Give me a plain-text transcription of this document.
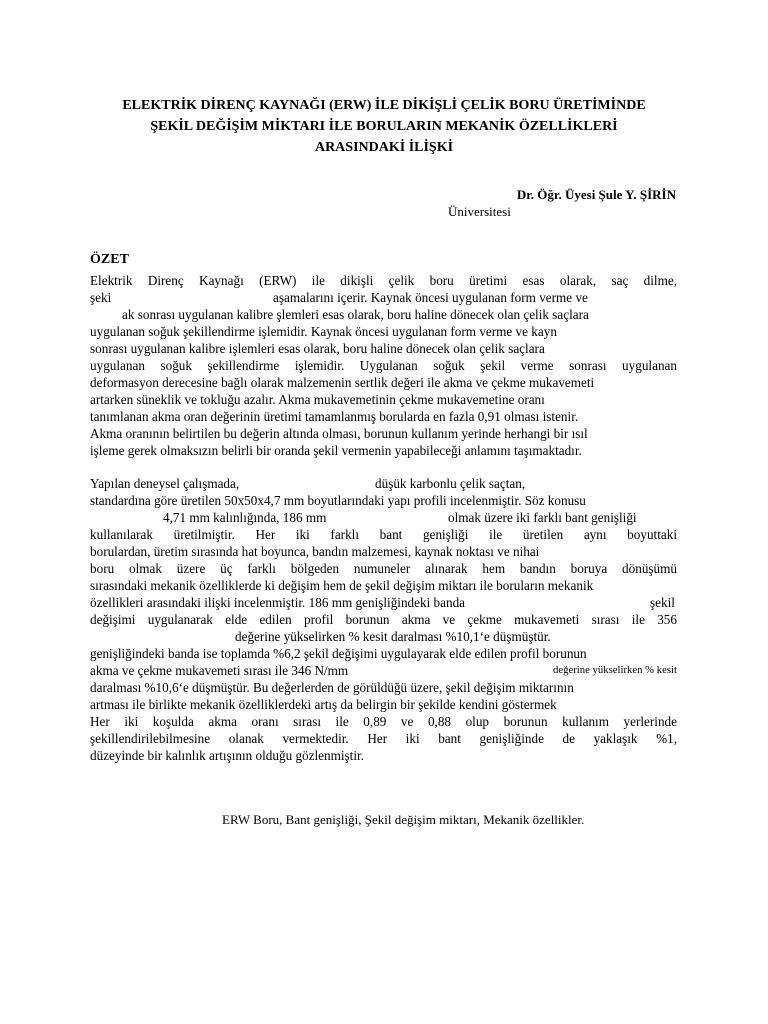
ELEKTRİK DİRENÇ KAYNAĞI (ERW) İLE DİKİŞLİ ÇELİK BORU ÜRETİMİNDE
ŞEKİL DEĞİŞİM MİKTARI İLE BORULARIN MEKANİK ÖZELLİKLERİ
ARASINDAKİ İLİŞKİ
Dr. Öğr. Üyesi Şule Y. ŞİRİN
Üniversitesi
ÖZET
Elektrik Direnç Kaynağı (ERW) ile dikişli çelik boru üretimi esas olarak, saç dilme,
şeki	aşamalarını içerir. Kaynak öncesi uygulanan form verme ve
ak sonrası uygulanan kalibre şlemleri esas olarak, boru haline dönecek olan çelik saçlara
uygulanan soğuk şekillendirme işlemidir. Kaynak öncesi uygulanan form verme ve kayn
sonrası uygulanan kalibre işlemleri esas olarak, boru haline dönecek olan çelik saçlara
uygulanan soğuk şekillendirme işlemidir. Uygulanan soğuk şekil verme sonrası uygulanan
deformasyon derecesine bağlı olarak malzemenin sertlik değeri ile akma ve çekme mukavemeti
artarken süneklik ve tokluğu azalır. Akma mukavemetinin çekme mukavemetine oranı
tanımlanan akma oran değerinin üretimi tamamlanmış borularda en fazla 0,91 olması istenir.
Akma oranının belirtilen bu değerin altında olması, borunun kullanım yerinde herhangi bir ısıl
işleme gerek olmaksızın belirli bir oranda şekil vermenin yapabileceği anlamını taşımaktadır.
Yapılan deneysel çalışmada,	düşük karbonlu çelik saçtan,
standardına göre üretilen 50x50x4,7 mm boyutlarındaki yapı profili incelenmiştir. Söz konusu
4,71 mm kalınlığında, 186 mm	olmak üzere iki farklı bant genişliği
kullanılarak üretilmiştir. Her iki farklı bant genişliği ile üretilen aynı boyuttaki
borulardan, üretim sırasında hat boyunca, bandın malzemesi, kaynak noktası ve nihai
boru olmak üzere üç farklı bölgeden numuneler alınarak hem bandın boruya dönüşümü
sırasındaki mekanik özelliklerde ki değişim hem de şekil değişim miktarı ile boruların mekanik
özellikleri arasındaki ilişki incelenmiştir. 186 mm genişliğindeki banda	şekil
değişimi uygulanarak elde edilen profil borunun akma ve çekme mukavemeti sırası ile 356
değerine yükselirken % kesit daralması %10,1‘e düşmüştür.
genişliğindeki banda ise toplamda %6,2 şekil değişimi uygulayarak elde edilen profil borunun
akma ve çekme mukavemeti sırası ile 346 N/mm	değerine yükselirken % kesit
daralması %10,6‘e düşmüştür. Bu değerlerden de görüldüğü üzere, şekil değişim miktarının
artması ile birlikte mekanik özelliklerdeki artış da belirgin bir şekilde kendini göstermek
Her iki koşulda akma oranı sırası ile 0,89 ve 0,88 olup borunun kullanım yerlerinde
şekillendirilebilmesine olanak vermektedir. Her iki bant genişliğinde de yaklaşık %1,
düzeyinde bir kalınlık artışının olduğu gözlenmiştir.
ERW Boru, Bant genişliği, Şekil değişim miktarı, Mekanik özellikler.
